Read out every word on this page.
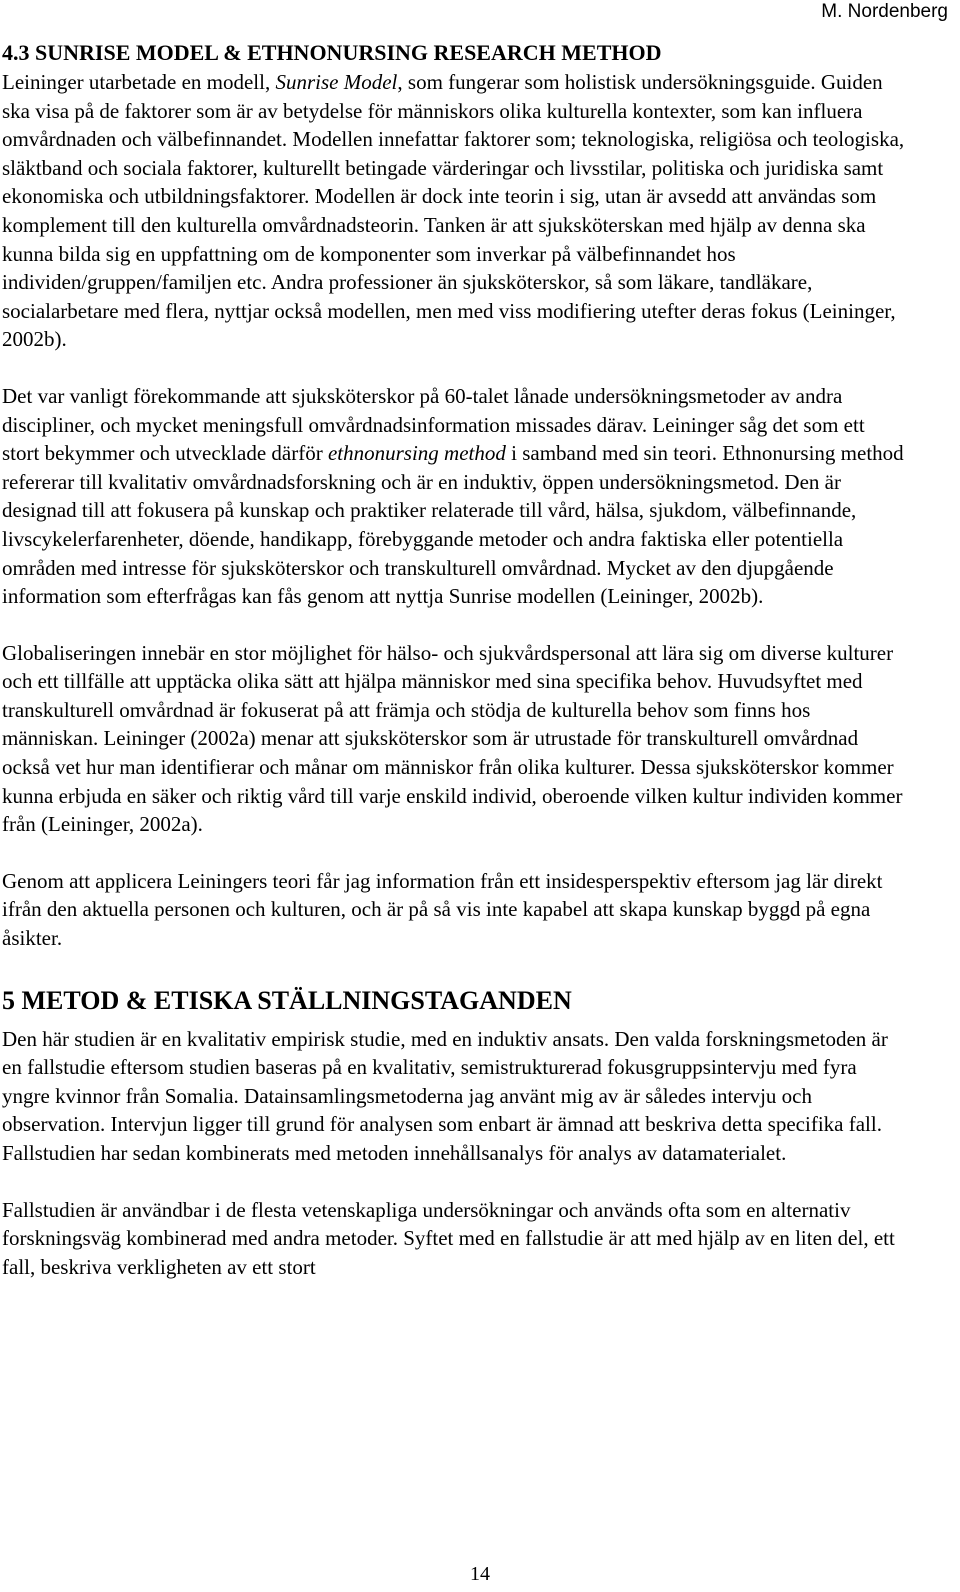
M. Nordenberg
4.3 SUNRISE MODEL & ETHNONURSING RESEARCH METHOD

Leininger utarbetade en modell, Sunrise Model, som fungerar som holistisk undersökningsguide. Guiden ska visa på de faktorer som är av betydelse för människors olika kulturella kontexter, som kan influera omvårdnaden och välbefinnandet. Modellen innefattar faktorer som; teknologiska, religiösa och teologiska, släktband och sociala faktorer, kulturellt betingade värderingar och livsstilar, politiska och juridiska samt ekonomiska och utbildningsfaktorer. Modellen är dock inte teorin i sig, utan är avsedd att användas som komplement till den kulturella omvårdnadsteorin. Tanken är att sjuksköterskan med hjälp av denna ska kunna bilda sig en uppfattning om de komponenter som inverkar på välbefinnandet hos individen/gruppen/familjen etc. Andra professioner än sjuksköterskor, så som läkare, tandläkare, socialarbetare med flera, nyttjar också modellen, men med viss modifiering utefter deras fokus (Leininger, 2002b).

Det var vanligt förekommande att sjuksköterskor på 60-talet lånade undersökningsmetoder av andra discipliner, och mycket meningsfull omvårdnadsinformation missades därav. Leininger såg det som ett stort bekymmer och utvecklade därför ethnonursing method i samband med sin teori. Ethnonursing method refererar till kvalitativ omvårdnadsforskning och är en induktiv, öppen undersökningsmetod. Den är designad till att fokusera på kunskap och praktiker relaterade till vård, hälsa, sjukdom, välbefinnande, livscykelerfarenheter, döende, handikapp, förebyggande metoder och andra faktiska eller potentiella områden med intresse för sjuksköterskor och transkulturell omvårdnad. Mycket av den djupgående information som efterfrågas kan fås genom att nyttja Sunrise modellen (Leininger, 2002b).

Globaliseringen innebär en stor möjlighet för hälso- och sjukvårdspersonal att lära sig om diverse kulturer och ett tillfälle att upptäcka olika sätt att hjälpa människor med sina specifika behov. Huvudsyftet med transkulturell omvårdnad är fokuserat på att främja och stödja de kulturella behov som finns hos människan. Leininger (2002a) menar att sjuksköterskor som är utrustade för transkulturell omvårdnad också vet hur man identifierar och månar om människor från olika kulturer. Dessa sjuksköterskor kommer kunna erbjuda en säker och riktig vård till varje enskild individ, oberoende vilken kultur individen kommer från (Leininger, 2002a).

Genom att applicera Leiningers teori får jag information från ett insidesperspektiv eftersom jag lär direkt ifrån den aktuella personen och kulturen, och är på så vis inte kapabel att skapa kunskap byggd på egna åsikter.

5 METOD & ETISKA STÄLLNINGSTAGANDEN

Den här studien är en kvalitativ empirisk studie, med en induktiv ansats. Den valda forskningsmetoden är en fallstudie eftersom studien baseras på en kvalitativ, semistrukturerad fokusgruppsintervju med fyra yngre kvinnor från Somalia. Datainsamlingsmetoderna jag använt mig av är således intervju och observation. Intervjun ligger till grund för analysen som enbart är ämnad att beskriva detta specifika fall. Fallstudien har sedan kombinerats med metoden innehållsanalys för analys av datamaterialet.

Fallstudien är användbar i de flesta vetenskapliga undersökningar och används ofta som en alternativ forskningsväg kombinerad med andra metoder. Syftet med en fallstudie är att med hjälp av en liten del, ett fall, beskriva verkligheten av ett stort

14
